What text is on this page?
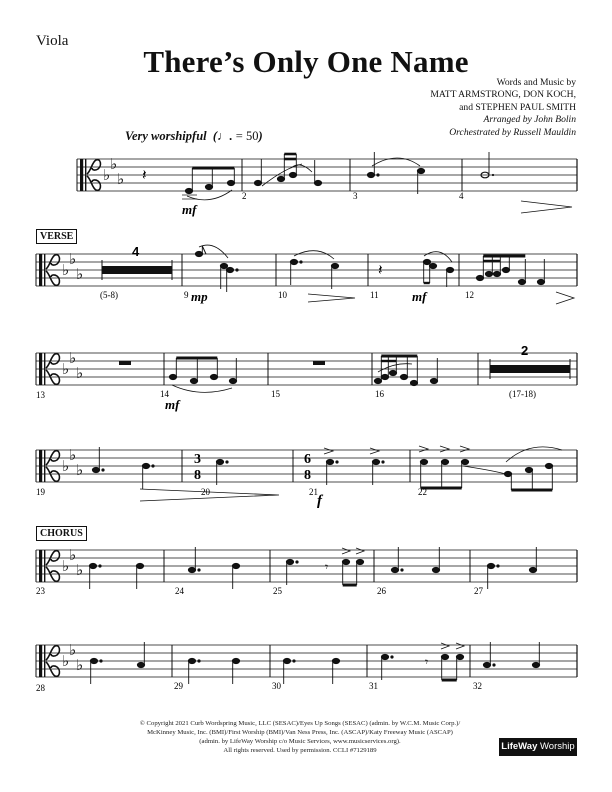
Viola
There’s Only One Name
Words and Music by
MATT ARMSTRONG, DON KOCH,
and STEPHEN PAUL SMITH
Arranged by John Bolin
Orchestrated by Russell Mauldin
Very worshipful  (♩. = 50)
VERSE
CHORUS
♭
♭
♭ 𝄽
mf
2	3	4
♭
♭
♭
4
mp
𝄽
mf
(5-8)	9	10	11	12
♭
♭
♭
mf
2
13	14	15	16	(17-18)
♭
♭
♭
3
8
6
8
f
19	20	21	22
♭
♭
♭	𝄾
23	24	25	26	27
♭
♭
♭	𝄾
28	29	30	31	32
© Copyright 2021 Curb Wordspring Music, LLC (SESAC)/Eyes Up Songs (SESAC) (admin. by W.C.M. Music Corp.)/
McKinney Music, Inc. (BMI)/First Worship (BMI)/Van Ness Press, Inc. (ASCAP)/Katy Freeway Music (ASCAP)
(admin. by LifeWay Worship c/o Music Services, www.musicservices.org).
All rights reserved. Used by permission. CCLI #7129189	LifeWay Worship
